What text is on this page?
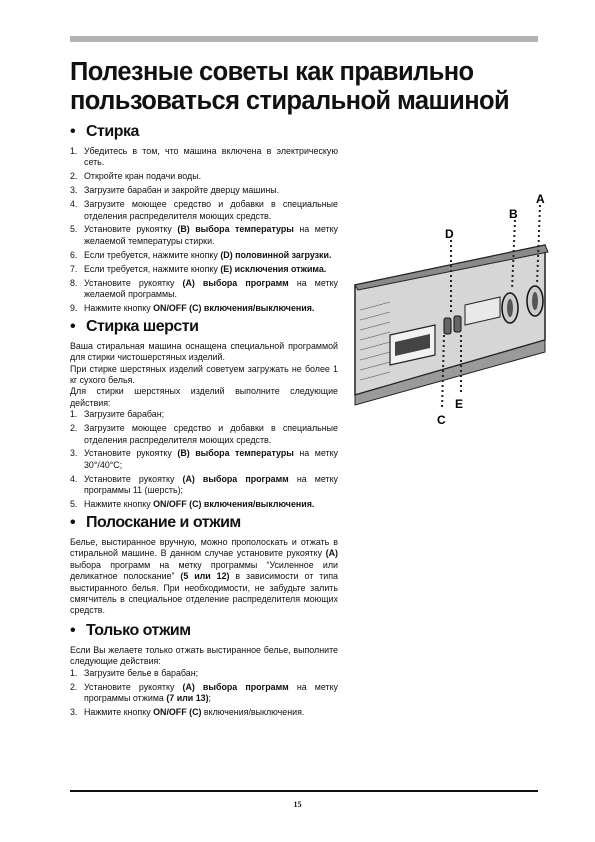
Полезные советы как правильно пользоваться стиральной машиной
• Стирка
1. Убедитесь в том, что машина включена в электрическую сеть.
2. Откройте кран подачи воды.
3. Загрузите барабан и закройте дверцу машины.
4. Загрузите моющее средство и добавки в специальные отделения распределителя моющих средств.
5. Установите рукоятку (B) выбора температуры на метку желаемой температуры стирки.
6. Если требуется, нажмите кнопку (D) половинной загрузки.
7. Если требуется, нажмите кнопку (E) исключения отжима.
8. Установите рукоятку (A) выбора программ на метку желаемой программы.
9. Нажмите кнопку ON/OFF (C) включения/выключения.
• Стирка шерсти

Ваша стиральная машина оснащена специальной программой для стирки чистошерстяных изделий.

При стирке шерстяных изделий советуем загружать не более 1 кг сухого белья.

Для стирки шерстяных изделий выполните следующие действия:

1. Загрузите барабан;
2. Загрузите моющее средство и добавки в специальные отделения распределителя моющих средств.
3. Установите рукоятку (B) выбора температуры на метку 30°/40°C;
4. Установите рукоятку (A) выбора программ на метку программы 11 (шерсть);
5. Нажмите кнопку ON/OFF (C) включения/выключения.
• Полоскание и отжим

Белье, выстиранное вручную, можно прополоскать и отжать в стиральной машине. В данном случае установите рукоятку (A) выбора программ на метку программы “Усиленное или деликатное полоскание” (5 или 12) в зависимости от типа выстиранного белья. При необходимости, не забудьте залить смягчитель в специальное отделение распределителя моющих средств.

• Только отжим

Если Вы желаете только отжать выстиранное белье, выполните следующие действия:

1. Загрузите белье в барабан;
2. Установите рукоятку (A) выбора программ на метку программы отжима (7 или 13);
3. Нажмите кнопку ON/OFF (C) включения/выключения.
A
B
D
E
C
15
